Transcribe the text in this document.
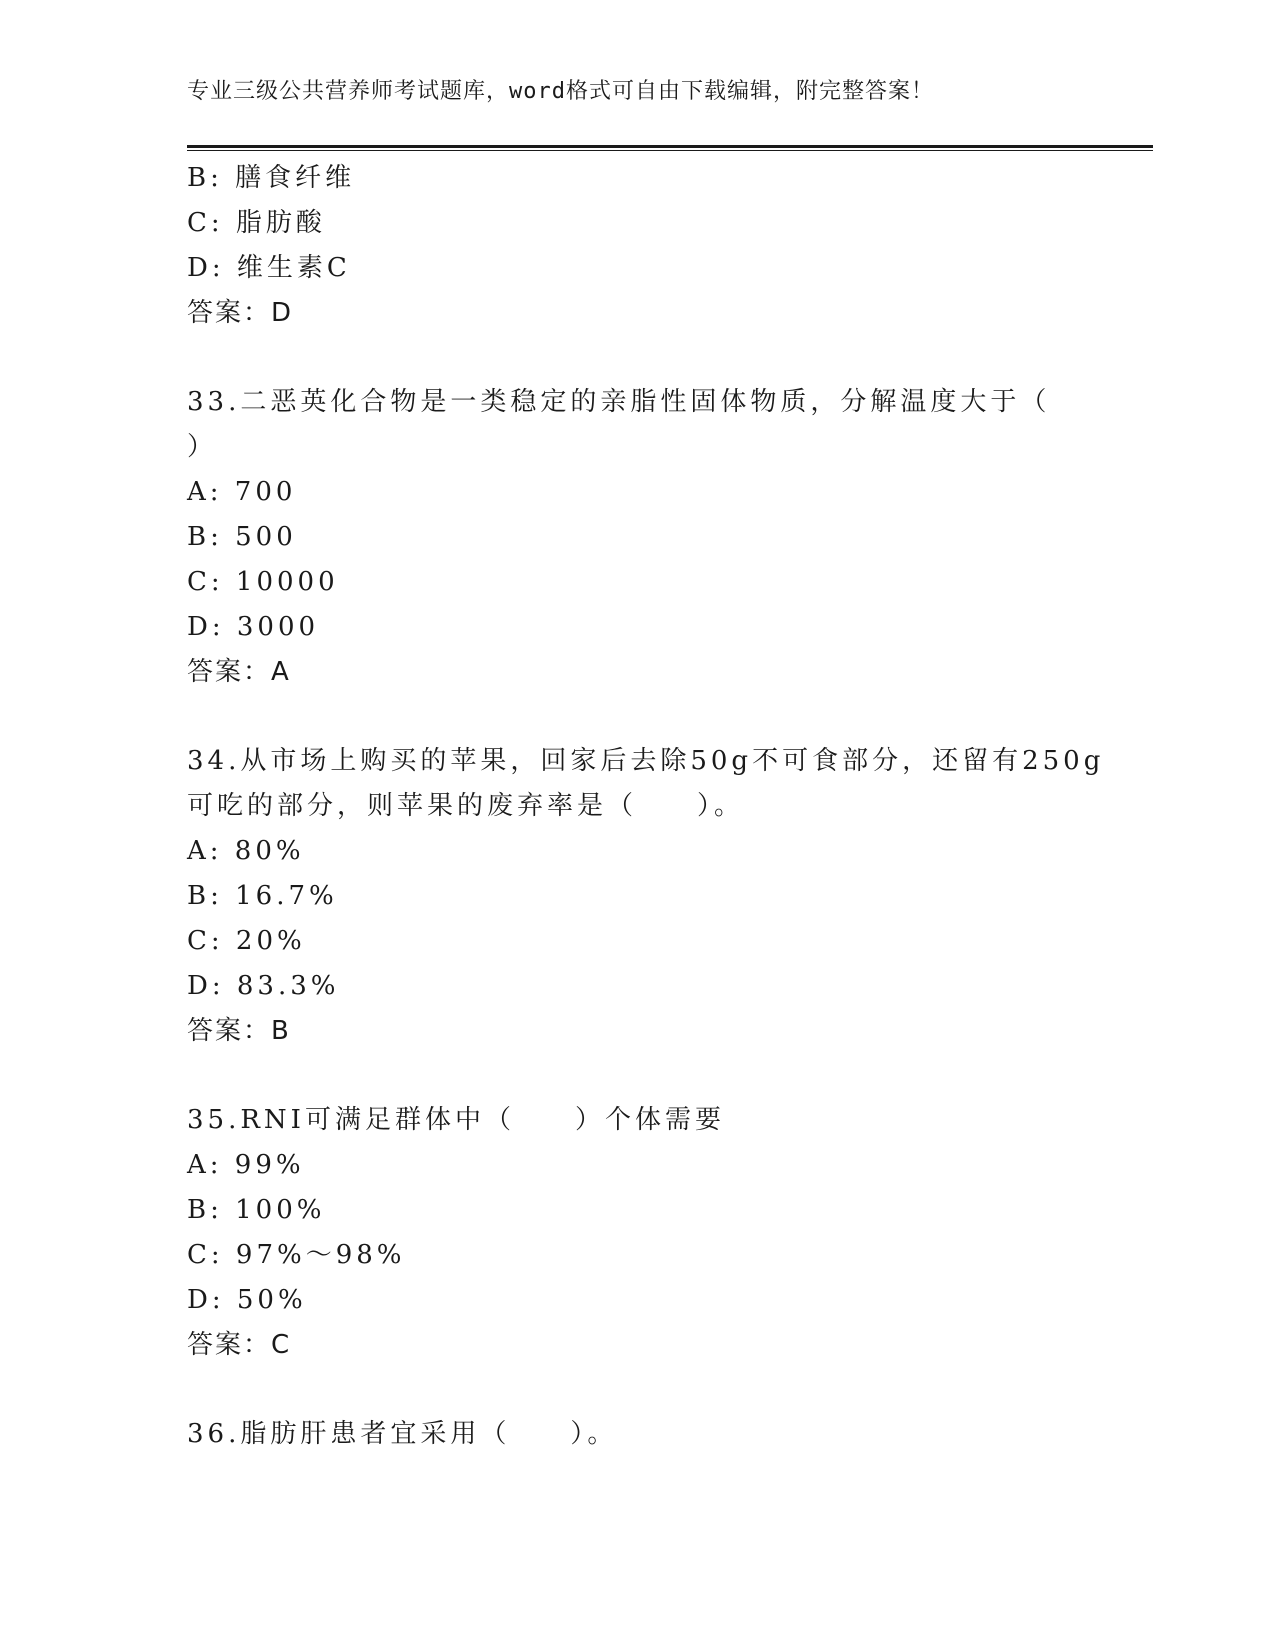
专业三级公共营养师考试题库，word格式可自由下载编辑，附完整答案！
B: 膳食纤维
C: 脂肪酸
D: 维生素C
答案：D
33.二恶英化合物是一类稳定的亲脂性固体物质，分解温度大于（
）
A: 700
B: 500
C: 10000
D: 3000
答案：A
34.从市场上购买的苹果，回家后去除50g不可食部分，还留有250g
可吃的部分，则苹果的废弃率是（　　）。
A: 80%
B: 16.7%
C: 20%
D: 83.3%
答案：B
35.RNI可满足群体中（　　）个体需要
A: 99%
B: 100%
C: 97%～98%
D: 50%
答案：C
36.脂肪肝患者宜采用（　　）。
